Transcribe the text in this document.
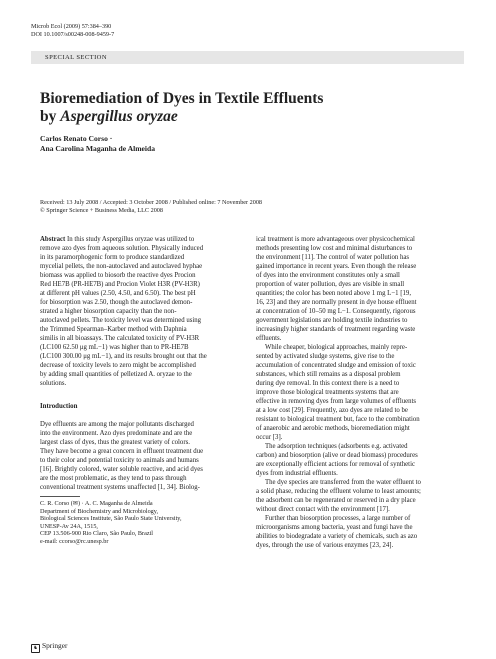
Microb Ecol (2009) 57:384–390
DOI 10.1007/s00248-008-9459-7
SPECIAL SECTION
Bioremediation of Dyes in Textile Effluents
by Aspergillus oryzae
Carlos Renato Corso ·
Ana Carolina Maganha de Almeida
Received: 13 July 2008 / Accepted: 3 October 2008 / Published online: 7 November 2008
© Springer Science + Business Media, LLC 2008
Abstract In this study Aspergillus oryzae was utilized to
remove azo dyes from aqueous solution. Physically induced
in its paramorphogenic form to produce standardized
mycelial pellets, the non-autoclaved and autoclaved hyphae
biomass was applied to biosorb the reactive dyes Procion
Red HE7B (PR-HE7B) and Procion Violet H3R (PV-H3R)
at different pH values (2.50, 4.50, and 6.50). The best pH
for biosorption was 2.50, though the autoclaved demon-
strated a higher biosorption capacity than the non-
autoclaved pellets. The toxicity level was determined using
the Trimmed Spearman–Karber method with Daphnia
similis in all bioassays. The calculated toxicity of PV-H3R
(LC100 62.50 μg mL−1) was higher than to PR-HE7B
(LC100 300.00 μg mL−1), and its results brought out that the
decrease of toxicity levels to zero might be accomplished
by adding small quantities of pelletized A. oryzae to the
solutions.
Introduction
Dye effluents are among the major pollutants discharged
into the environment. Azo dyes predominate and are the
largest class of dyes, thus the greatest variety of colors.
They have become a great concern in effluent treatment due
to their color and potential toxicity to animals and humans
[16]. Brightly colored, water soluble reactive, and acid dyes
are the most problematic, as they tend to pass through
conventional treatment systems unaffected [1, 34]. Biolog-
C. R. Corso (✉) · A. C. Maganha de Almeida
Department of Biochemistry and Microbiology,
Biological Sciences Institute, São Paulo State University,
UNESP-Av 24A, 1515,
CEP 13.506-900 Rio Claro, São Paulo, Brazil
e-mail: ccorso@rc.unesp.br
ical treatment is more advantageous over physicochemical
methods presenting low cost and minimal disturbances to
the environment [11]. The control of water pollution has
gained importance in recent years. Even though the release
of dyes into the environment constitutes only a small
proportion of water pollution, dyes are visible in small
quantities; the color has been noted above 1 mg L−1 [19,
16, 23] and they are normally present in dye house effluent
at concentration of 10–50 mg L−1. Consequently, rigorous
government legislations are holding textile industries to
increasingly higher standards of treatment regarding waste
effluents.
While cheaper, biological approaches, mainly repre-
sented by activated sludge systems, give rise to the
accumulation of concentrated sludge and emission of toxic
substances, which still remains as a disposal problem
during dye removal. In this context there is a need to
improve those biological treatments systems that are
effective in removing dyes from large volumes of effluents
at a low cost [29]. Frequently, azo dyes are related to be
resistant to biological treatment but, face to the combination
of anaerobic and aerobic methods, bioremediation might
occur [3].
The adsorption techniques (adsorbents e.g. activated
carbon) and biosorption (alive or dead biomass) procedures
are exceptionally efficient actions for removal of synthetic
dyes from industrial effluents.
The dye species are transferred from the water effluent to
a solid phase, reducing the effluent volume to least amounts;
the adsorbent can be regenerated or reserved in a dry place
without direct contact with the environment [17].
Further than biosorption processes, a large number of
microorganisms among bacteria, yeast and fungi have the
abilities to biodegradate a variety of chemicals, such as azo
dyes, through the use of various enzymes [23, 24].
♞ Springer
